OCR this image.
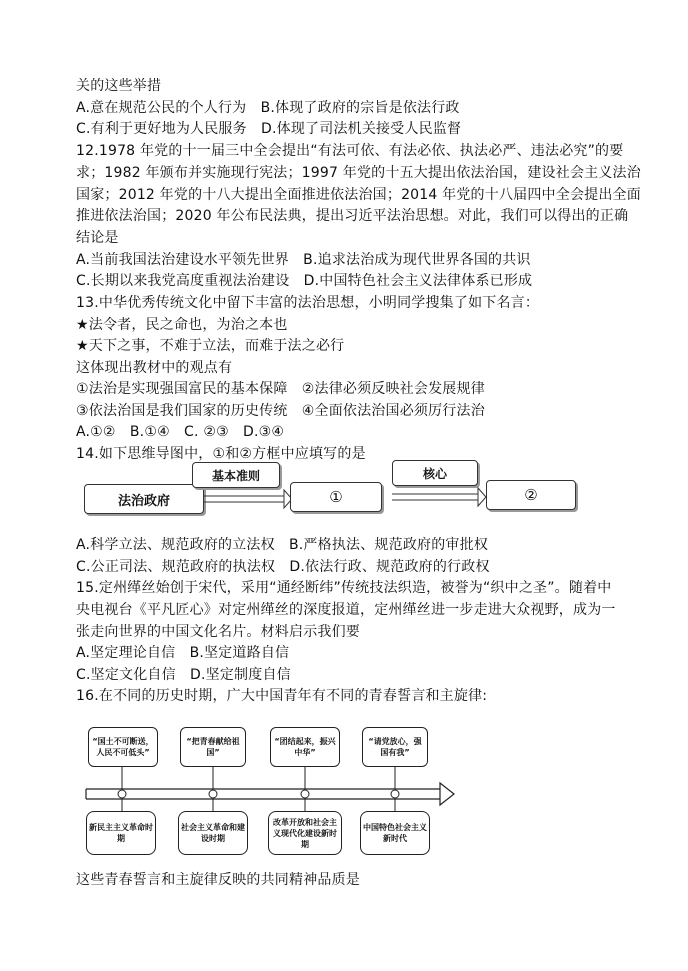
关的这些举措
A.意在规范公民的个人行为　B.体现了政府的宗旨是依法行政
C.有利于更好地为人民服务　D.体现了司法机关接受人民监督
12.1978 年党的十一届三中全会提出“有法可依、有法必依、执法必严、违法必究”的要
求；1982 年颁布并实施现行宪法；1997 年党的十五大提出依法治国，建设社会主义法治
国家；2012 年党的十八大提出全面推进依法治国；2014 年党的十八届四中全会提出全面
推进依法治国；2020 年公布民法典，提出习近平法治思想。对此，我们可以得出的正确
结论是
A.当前我国法治建设水平领先世界　B.追求法治成为现代世界各国的共识
C.长期以来我党高度重视法治建设　D.中国特色社会主义法律体系已形成
13.中华优秀传统文化中留下丰富的法治思想，小明同学搜集了如下名言：
★法令者，民之命也，为治之本也
★天下之事，不难于立法，而难于法之必行
这体现出教材中的观点有
①法治是实现强国富民的基本保障　②法律必须反映社会发展规律
③依法治国是我们国家的历史传统　④全面依法治国必须厉行法治
A.①②　B.①④　C. ②③　D.③④
14.如下思维导图中，①和②方框中应填写的是
法治政府
基本准则
①
核心
②
A.科学立法、规范政府的立法权　B.严格执法、规范政府的审批权
C.公正司法、规范政府的执法权　D.依法行政、规范政府的行政权
15.定州缂丝始创于宋代，采用“通经断纬”传统技法织造，被誉为“织中之圣”。随着中
央电视台《平凡匠心》对定州缂丝的深度报道，定州缂丝进一步走进大众视野，成为一
张走向世界的中国文化名片。材料启示我们要
A.坚定理论自信　B.坚定道路自信
C.坚定文化自信　D.坚定制度自信
16.在不同的历史时期，广大中国青年有不同的青春誓言和主旋律:
“国土不可断送，人民不可低头”
“把青春献给祖国”
“团结起来，振兴中华”
“请党放心，强国有我”
新民主主义革命时期
社会主义革命和建设时期
改革开放和社会主义现代化建设新时期
中国特色社会主义新时代
这些青春誓言和主旋律反映的共同精神品质是
